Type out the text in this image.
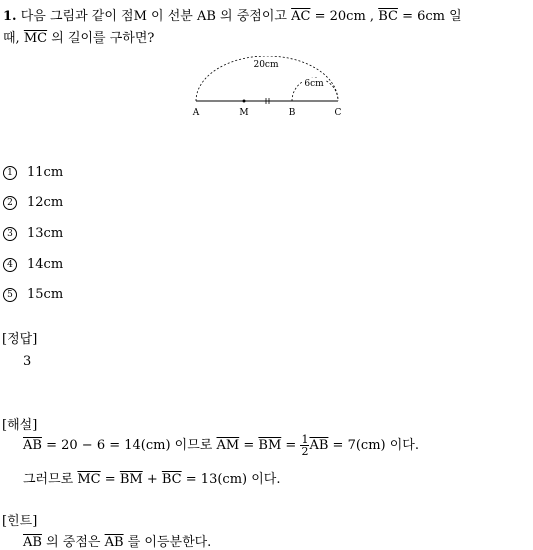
1. 다음 그림과 같이 점M 이 선분 AB 의 중점이고 $\overline{AC} = 20cm$ , $\overline{BC} = 6cm$ 일
때, $\overline{MC}$ 의 길이를 구하면?
20cm
6cm
A	M	B	C
1 11cm
2 12cm
3 13cm
4 14cm
5 15cm
[정답]
3
[해설]
$\overline{AB} = 20 - 6 = 14(cm)$ 이므로 $\overline{AM} = \overline{BM} = \frac{1}{2} \overline{AB} = 7(cm)$ 이다.
그러므로 $\overline{MC} = \overline{BM} + \overline{BC} = 13(cm)$ 이다.
[힌트]
$\overline{AB}$ 의 중점은 $\overline{AB}$ 를 이등분한다.
